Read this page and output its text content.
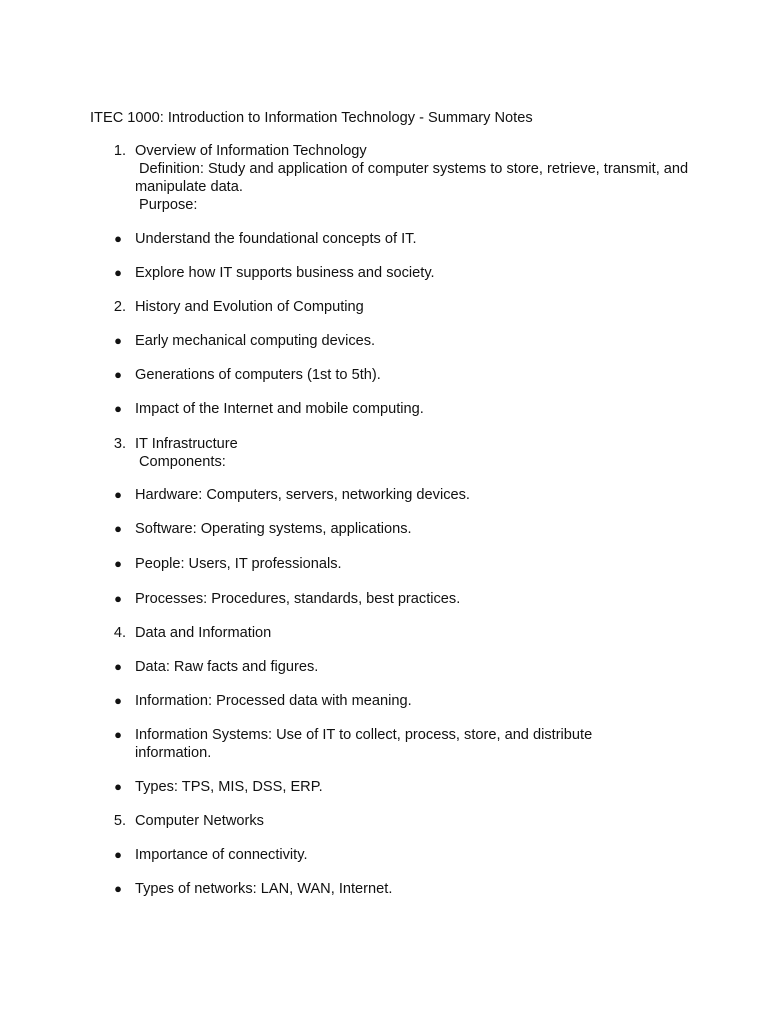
ITEC 1000: Introduction to Information Technology - Summary Notes
1. Overview of Information Technology
Definition: Study and application of computer systems to store, retrieve, transmit, and manipulate data.
Purpose:
● Understand the foundational concepts of IT.
● Explore how IT supports business and society.
2. History and Evolution of Computing
● Early mechanical computing devices.
● Generations of computers (1st to 5th).
● Impact of the Internet and mobile computing.
3. IT Infrastructure
Components:
● Hardware: Computers, servers, networking devices.
● Software: Operating systems, applications.
● People: Users, IT professionals.
● Processes: Procedures, standards, best practices.
4. Data and Information
● Data: Raw facts and figures.
● Information: Processed data with meaning.
● Information Systems: Use of IT to collect, process, store, and distribute information.
● Types: TPS, MIS, DSS, ERP.
5. Computer Networks
● Importance of connectivity.
● Types of networks: LAN, WAN, Internet.
